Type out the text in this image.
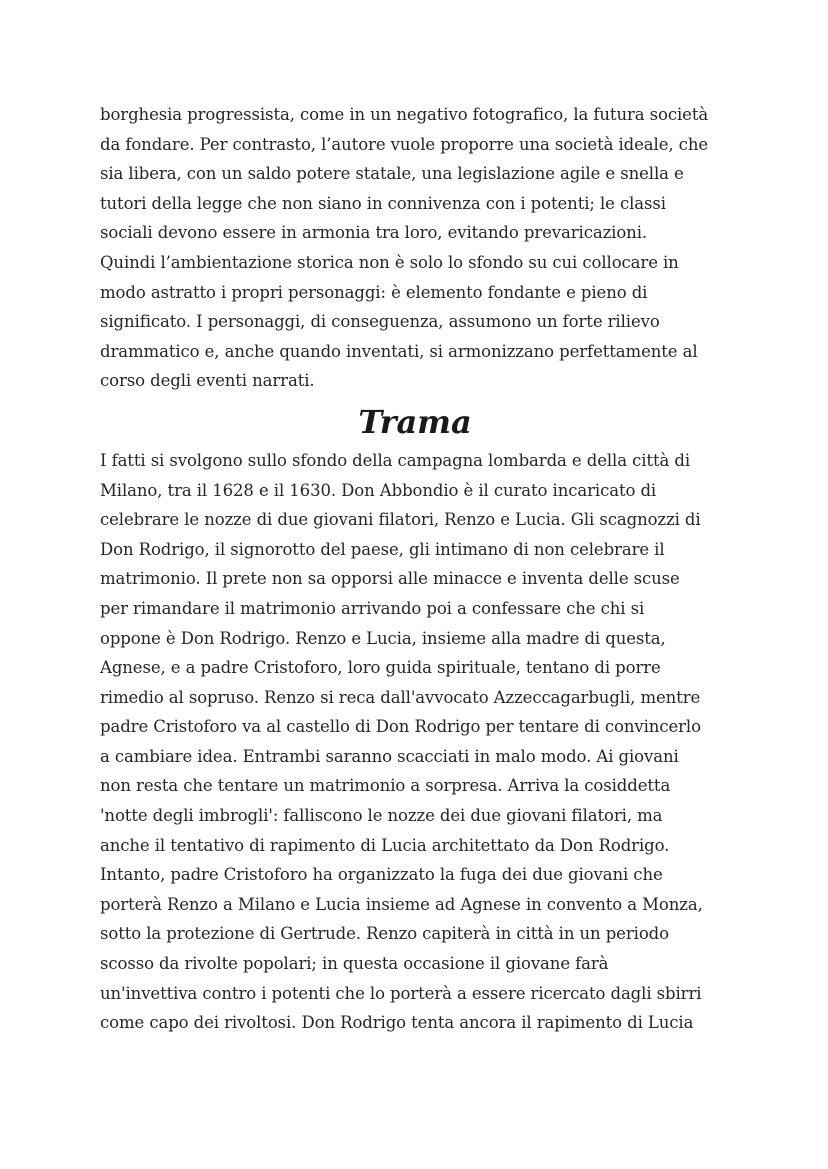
borghesia progressista, come in un negativo fotografico, la futura società
da fondare. Per contrasto, l’autore vuole proporre una società ideale, che
sia libera, con un saldo potere statale, una legislazione agile e snella e
tutori della legge che non siano in connivenza con i potenti; le classi
sociali devono essere in armonia tra loro, evitando prevaricazioni.
Quindi l’ambientazione storica non è solo lo sfondo su cui collocare in
modo astratto i propri personaggi: è elemento fondante e pieno di
significato. I personaggi, di conseguenza, assumono un forte rilievo
drammatico e, anche quando inventati, si armonizzano perfettamente al
corso degli eventi narrati.
Trama
I fatti si svolgono sullo sfondo della campagna lombarda e della città di
Milano, tra il 1628 e il 1630. Don Abbondio è il curato incaricato di
celebrare le nozze di due giovani filatori, Renzo e Lucia. Gli scagnozzi di
Don Rodrigo, il signorotto del paese, gli intimano di non celebrare il
matrimonio. Il prete non sa opporsi alle minacce e inventa delle scuse
per rimandare il matrimonio arrivando poi a confessare che chi si
oppone è Don Rodrigo. Renzo e Lucia, insieme alla madre di questa,
Agnese, e a padre Cristoforo, loro guida spirituale, tentano di porre
rimedio al sopruso. Renzo si reca dall'avvocato Azzeccagarbugli, mentre
padre Cristoforo va al castello di Don Rodrigo per tentare di convincerlo
a cambiare idea. Entrambi saranno scacciati in malo modo. Ai giovani
non resta che tentare un matrimonio a sorpresa. Arriva la cosiddetta
'notte degli imbrogli': falliscono le nozze dei due giovani filatori, ma
anche il tentativo di rapimento di Lucia architettato da Don Rodrigo.
Intanto, padre Cristoforo ha organizzato la fuga dei due giovani che
porterà Renzo a Milano e Lucia insieme ad Agnese in convento a Monza,
sotto la protezione di Gertrude. Renzo capiterà in città in un periodo
scosso da rivolte popolari; in questa occasione il giovane farà
un'invettiva contro i potenti che lo porterà a essere ricercato dagli sbirri
come capo dei rivoltosi. Don Rodrigo tenta ancora il rapimento di Lucia
